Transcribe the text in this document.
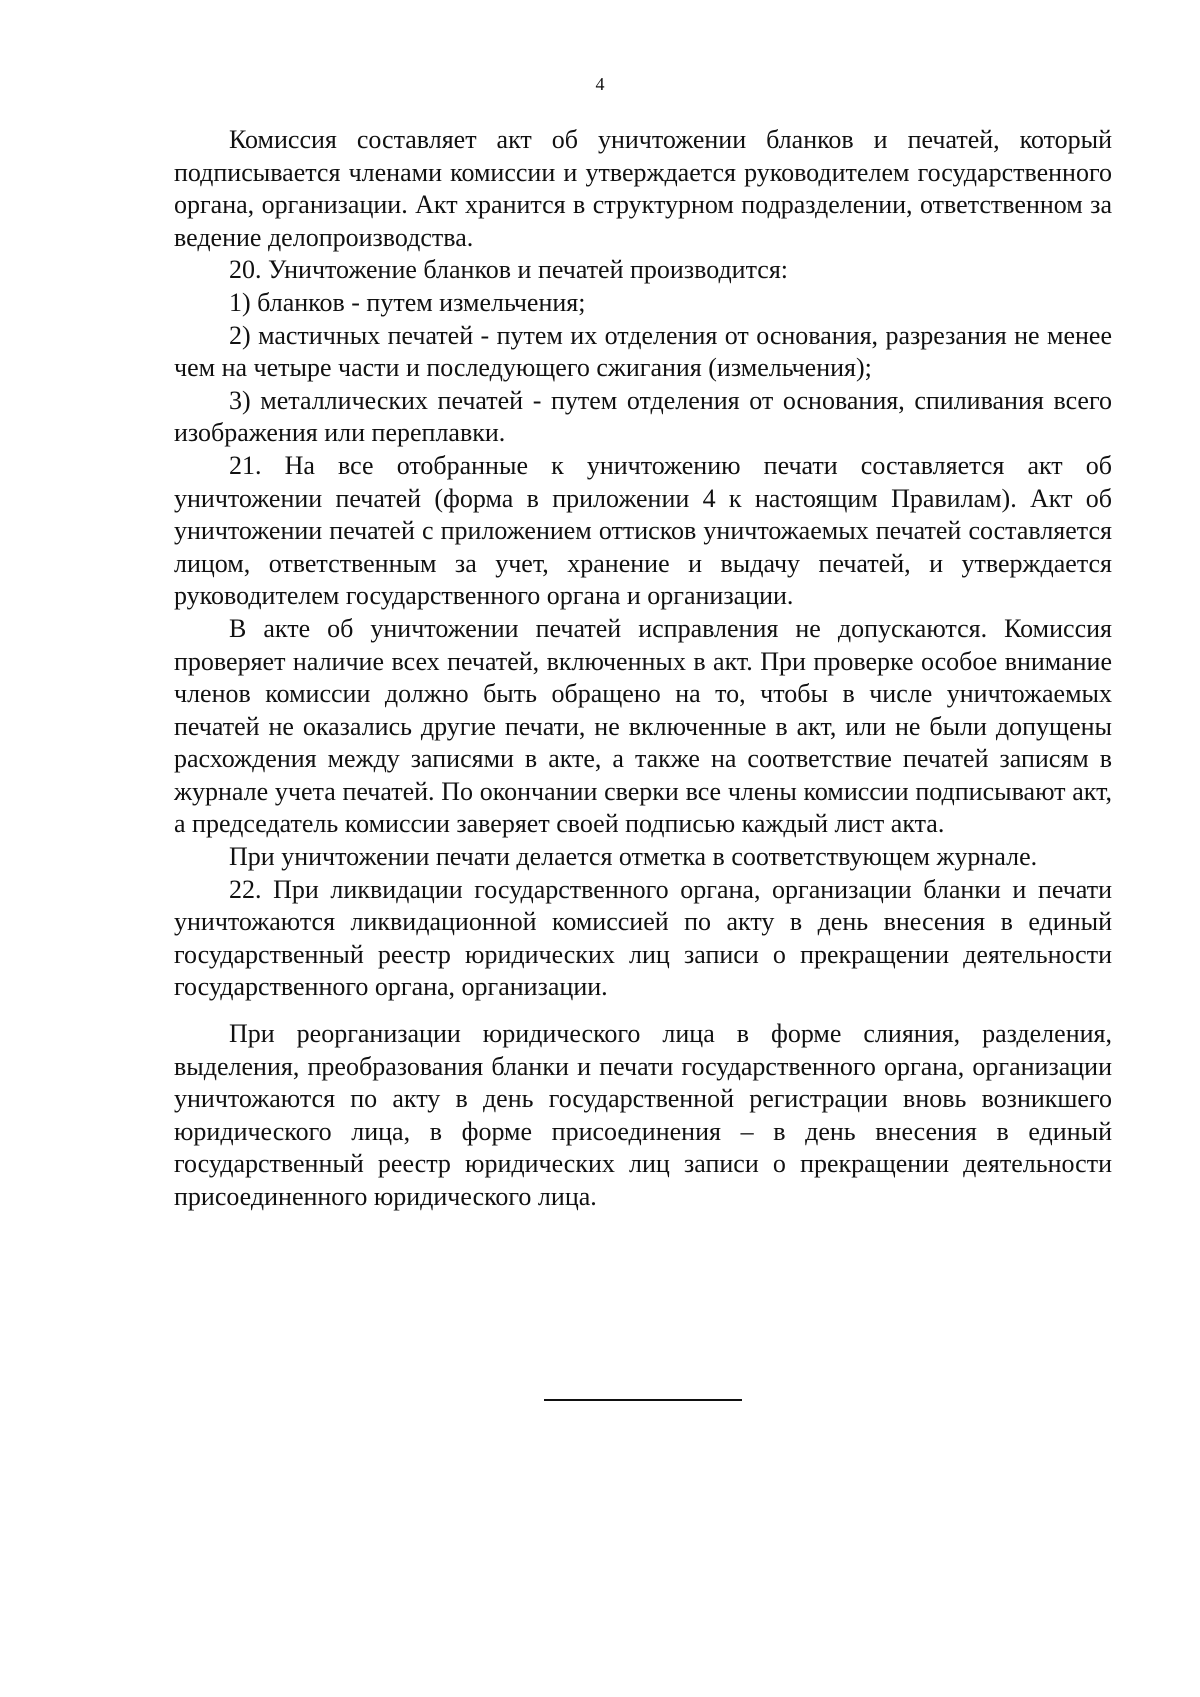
4

Комиссия составляет акт об уничтожении бланков и печатей, который подписывается членами комиссии и утверждается руководителем государственного органа, организации. Акт хранится в структурном подразделении, ответственном за ведение делопроизводства.

20. Уничтожение бланков и печатей производится:

1) бланков - путем измельчения;

2) мастичных печатей - путем их отделения от основания, разрезания не менее чем на четыре части и последующего сжигания (измельчения);

3) металлических печатей - путем отделения от основания, спиливания всего изображения или переплавки.

21. На все отобранные к уничтожению печати составляется акт об уничтожении печатей (форма в приложении 4 к настоящим Правилам). Акт об уничтожении печатей с приложением оттисков уничтожаемых печатей составляется лицом, ответственным за учет, хранение и выдачу печатей, и утверждается руководителем государственного органа и организации.

В акте об уничтожении печатей исправления не допускаются. Комиссия проверяет наличие всех печатей, включенных в акт. При проверке особое внимание членов комиссии должно быть обращено на то, чтобы в числе уничтожаемых печатей не оказались другие печати, не включенные в акт, или не были допущены расхождения между записями в акте, а также на соответствие печатей записям в журнале учета печатей. По окончании сверки все члены комиссии подписывают акт, а председатель комиссии заверяет своей подписью каждый лист акта.

При уничтожении печати делается отметка в соответствующем журнале.

22. При ликвидации государственного органа, организации бланки и печати уничтожаются ликвидационной комиссией по акту в день внесения в единый государственный реестр юридических лиц записи о прекращении деятельности государственного органа, организации.

При реорганизации юридического лица в форме слияния, разделения, выделения, преобразования бланки и печати государственного органа, организации уничтожаются по акту в день государственной регистрации вновь возникшего юридического лица, в форме присоединения – в день внесения в единый государственный реестр юридических лиц записи о прекращении деятельности присоединенного юридического лица.
